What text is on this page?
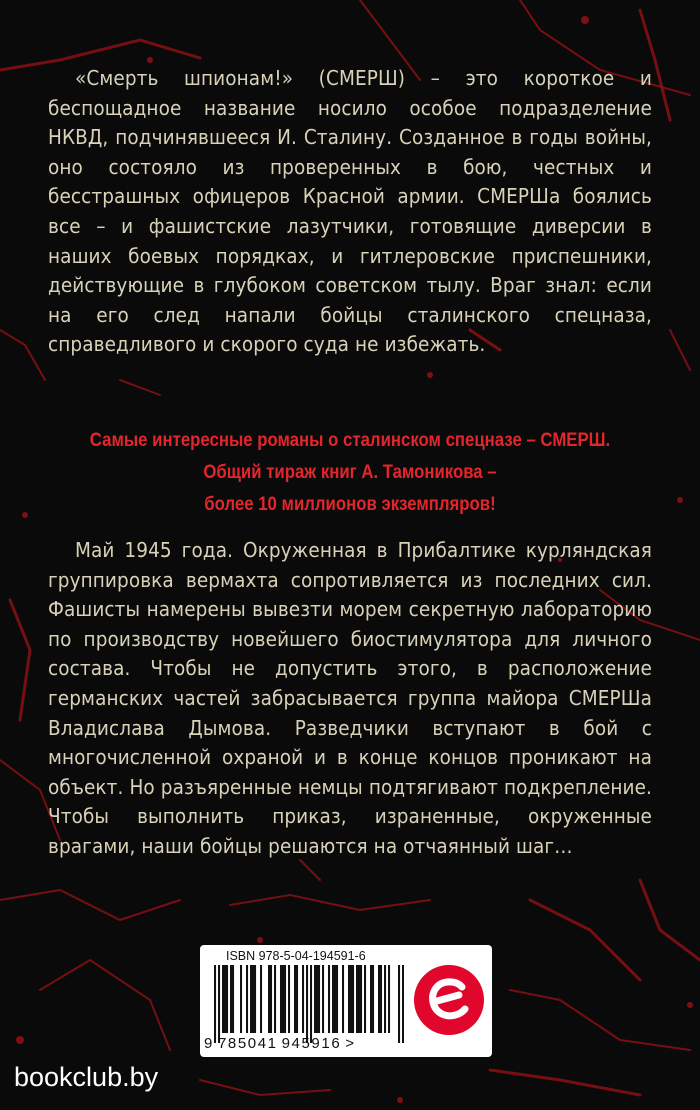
«Смерть шпионам!» (СМЕРШ) – это короткое и беспощадное название носило особое подразделение НКВД, подчинявшееся И. Сталину. Созданное в годы войны, оно состояло из проверенных в бою, честных и бесстрашных офицеров Красной армии. СМЕРШа боялись все – и фашистские лазутчики, готовящие диверсии в наших боевых порядках, и гитлеровские приспешники, действующие в глубоком советском тылу. Враг знал: если на его след напали бойцы сталинского спецназа, справедливого и скорого суда не избежать.

Самые интересные романы о сталинском спецназе – СМЕРШ.
Общий тираж книг А. Тамоникова –
более 10 миллионов экземпляров!

Май 1945 года. Окруженная в Прибалтике курляндская группировка вермахта сопротивляется из последних сил. Фашисты намерены вывезти морем секретную лабораторию по производству новейшего биостимулятора для личного состава. Чтобы не допустить этого, в расположение германских частей забрасывается группа майора СМЕРШа Владислава Дымова. Разведчики вступают в бой с многочисленной охраной и в конце концов проникают на объект. Но разъяренные немцы подтягивают подкрепление. Чтобы выполнить приказ, израненные, окруженные врагами, наши бойцы решаются на отчаянный шаг…

ISBN 978-5-04-194591-6
9 785041 945916 >
bookclub.by
